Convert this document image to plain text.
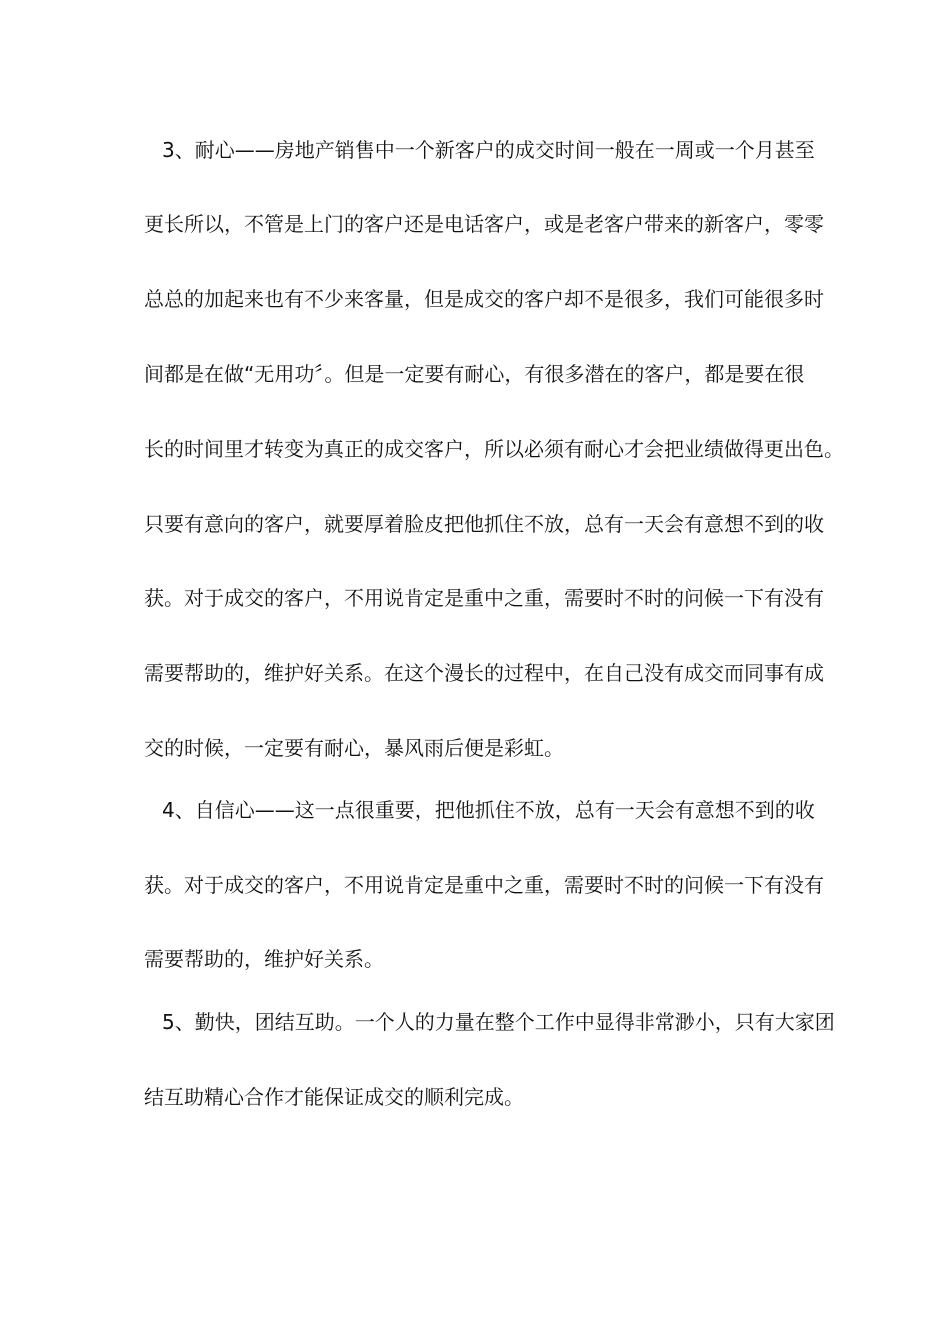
3、耐心——房地产销售中一个新客户的成交时间一般在一周或一个月甚至
更长所以，不管是上门的客户还是电话客户，或是老客户带来的新客户，零零
总总的加起来也有不少来客量，但是成交的客户却不是很多，我们可能很多时
间都是在做“无用功〞。但是一定要有耐心，有很多潜在的客户，都是要在很
长的时间里才转变为真正的成交客户，所以必须有耐心才会把业绩做得更出色。
只要有意向的客户，就要厚着脸皮把他抓住不放，总有一天会有意想不到的收
获。对于成交的客户，不用说肯定是重中之重，需要时不时的问候一下有没有
需要帮助的，维护好关系。在这个漫长的过程中，在自己没有成交而同事有成
交的时候，一定要有耐心，暴风雨后便是彩虹。
4、自信心——这一点很重要，把他抓住不放，总有一天会有意想不到的收
获。对于成交的客户，不用说肯定是重中之重，需要时不时的问候一下有没有
需要帮助的，维护好关系。
5、勤快，团结互助。一个人的力量在整个工作中显得非常渺小，只有大家团
结互助精心合作才能保证成交的顺利完成。
